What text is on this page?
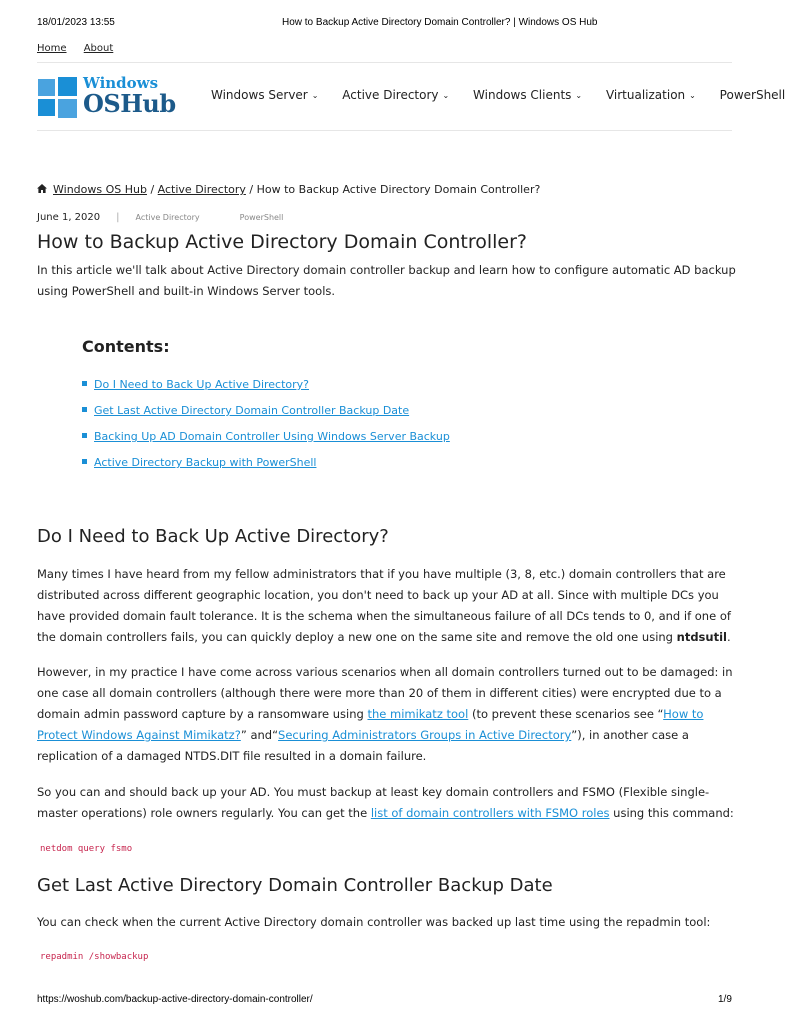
18/01/2023 13:55	How to Backup Active Directory Domain Controller? | Windows OS Hub
Home About
Windows
OSHub	Windows Server ⌄ Active Directory ⌄ Windows Clients ⌄ Virtualization ⌄ PowerShell
Windows OS Hub / Active Directory / How to Backup Active Directory Domain Controller?
June 1, 2020 | Active Directory	PowerShell
How to Backup Active Directory Domain Controller?
In this article we'll talk about Active Directory domain controller backup and learn how to configure automatic AD backup using PowerShell and built-in Windows Server tools.
Contents:
Do I Need to Back Up Active Directory?
Get Last Active Directory Domain Controller Backup Date
Backing Up AD Domain Controller Using Windows Server Backup
Active Directory Backup with PowerShell
Do I Need to Back Up Active Directory?
Many times I have heard from my fellow administrators that if you have multiple (3, 8, etc.) domain controllers that are distributed across different geographic location, you don't need to back up your AD at all. Since with multiple DCs you have provided domain fault tolerance. It is the schema when the simultaneous failure of all DCs tends to 0, and if one of the domain controllers fails, you can quickly deploy a new one on the same site and remove the old one using ntdsutil.
However, in my practice I have come across various scenarios when all domain controllers turned out to be damaged: in one case all domain controllers (although there were more than 20 of them in different cities) were encrypted due to a domain admin password capture by a ransomware using the mimikatz tool (to prevent these scenarios see “How to Protect Windows Against Mimikatz?” and“Securing Administrators Groups in Active Directory”), in another case a replication of a damaged NTDS.DIT file resulted in a domain failure.
So you can and should back up your AD. You must backup at least key domain controllers and FSMO (Flexible single-master operations) role owners regularly. You can get the list of domain controllers with FSMO roles using this command:
netdom query fsmo
Get Last Active Directory Domain Controller Backup Date
You can check when the current Active Directory domain controller was backed up last time using the repadmin tool:
repadmin /showbackup
https://woshub.com/backup-active-directory-domain-controller/	1/9
